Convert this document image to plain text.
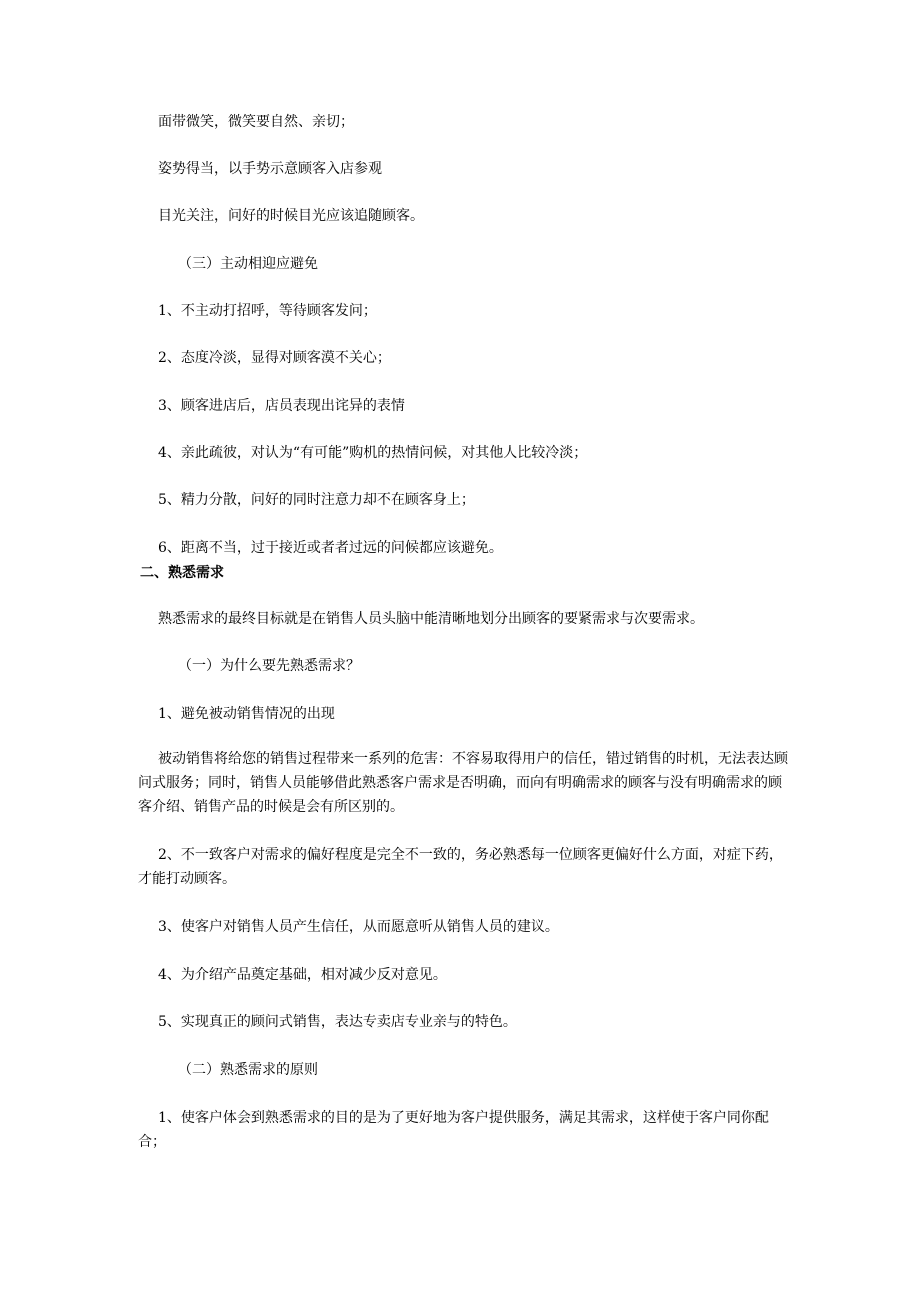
面带微笑，微笑要自然、亲切；

姿势得当，以手势示意顾客入店参观

目光关注，问好的时候目光应该追随顾客。

（三）主动相迎应避免

1、不主动打招呼，等待顾客发问；

2、态度冷淡，显得对顾客漠不关心；

3、顾客进店后，店员表现出诧异的表情

4、亲此疏彼，对认为“有可能”购机的热情问候，对其他人比较冷淡；

5、精力分散，问好的同时注意力却不在顾客身上；

6、距离不当，过于接近或者者过远的问候都应该避免。

二、熟悉需求

熟悉需求的最终目标就是在销售人员头脑中能清晰地划分出顾客的要紧需求与次要需求。

（一）为什么要先熟悉需求？

1、避免被动销售情况的出现

被动销售将给您的销售过程带来一系列的危害：不容易取得用户的信任，错过销售的时机，无法表达顾问式服务；同时，销售人员能够借此熟悉客户需求是否明确，而向有明确需求的顾客与没有明确需求的顾客介绍、销售产品的时候是会有所区别的。

2、不一致客户对需求的偏好程度是完全不一致的，务必熟悉每一位顾客更偏好什么方面，对症下药，才能打动顾客。

3、使客户对销售人员产生信任，从而愿意听从销售人员的建议。

4、为介绍产品奠定基础，相对减少反对意见。

5、实现真正的顾问式销售，表达专卖店专业亲与的特色。

（二）熟悉需求的原则

1、使客户体会到熟悉需求的目的是为了更好地为客户提供服务，满足其需求，这样使于客户同你配合；
